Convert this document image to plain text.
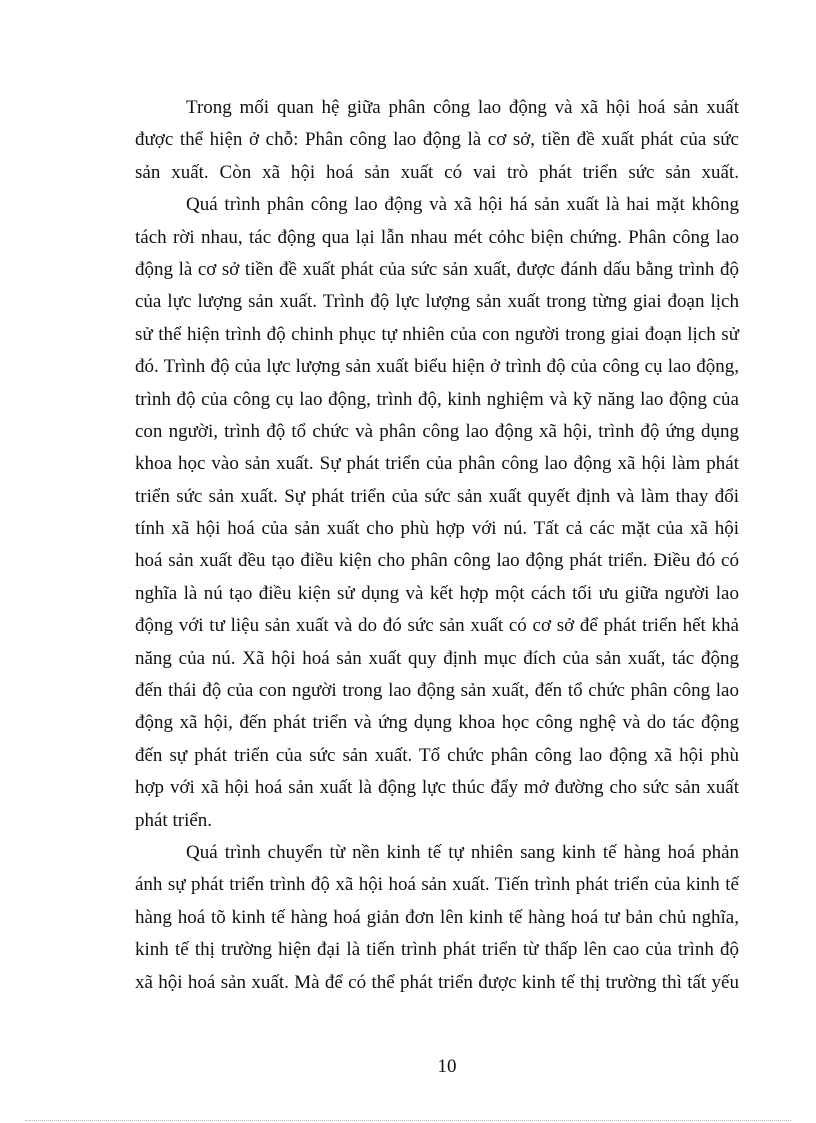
Trong mối quan hệ giữa phân công lao động và xã hội hoá sản xuất
được thể hiện ở chỗ: Phân công lao động là cơ sở, tiền đề xuất phát của sức
sản xuất. Còn xã hội hoá sản xuất có vai trò phát triển sức sản xuất.
Quá trình phân công lao động và xã hội há sản xuất là hai mặt không
tách rời nhau, tác động qua lại lẫn nhau mét cỏhc biện chứng. Phân công lao
động là cơ sở tiền đề xuất phát của sức sản xuất, được đánh dấu bằng trình độ
của lực lượng sản xuất. Trình độ lực lượng sản xuất trong từng giai đoạn lịch
sử thể hiện trình độ chinh phục tự nhiên của con người trong giai đoạn lịch sử
đó. Trình độ của lực lượng sản xuất biểu hiện ở trình độ của công cụ lao động,
trình độ của công cụ lao động, trình độ, kinh nghiệm và kỹ năng lao động của
con người, trình độ tổ chức và phân công lao động xã hội, trình độ ứng dụng
khoa học vào sản xuất. Sự phát triển của phân công lao động xã hội làm phát
triển sức sản xuất. Sự phát triển của sức sản xuất quyết định và làm thay đổi
tính xã hội hoá của sản xuất cho phù hợp với nú. Tất cả các mặt của xã hội
hoá sản xuất đều tạo điều kiện cho phân công lao động phát triển. Điều đó có
nghĩa là nú tạo điều kiện sử dụng và kết hợp một cách tối ưu giữa người lao
động với tư liệu sản xuất và do đó sức sản xuất có cơ sở để phát triển hết khả
năng của nú. Xã hội hoá sản xuất quy định mục đích của sản xuất, tác động
đến thái độ của con người trong lao động sản xuất, đến tổ chức phân công lao
động xã hội, đến phát triển và ứng dụng khoa học công nghệ và do tác động
đến sự phát triển của sức sản xuất. Tổ chức phân công lao động xã hội phù
hợp với xã hội hoá sản xuất là động lực thúc đẩy mở đường cho sức sản xuất
phát triển.
Quá trình chuyển từ nền kinh tế tự nhiên sang kinh tế hàng hoá phản
ánh sự phát triển trình độ xã hội hoá sản xuất. Tiến trình phát triển của kinh tế
hàng hoá tõ kinh tế hàng hoá giản đơn lên kinh tế hàng hoá tư bản chủ nghĩa,
kinh tế thị trường hiện đại là tiến trình phát triển từ thấp lên cao của trình độ
xã hội hoá sản xuất. Mà để có thể phát triển được kinh tế thị trường thì tất yếu
10
